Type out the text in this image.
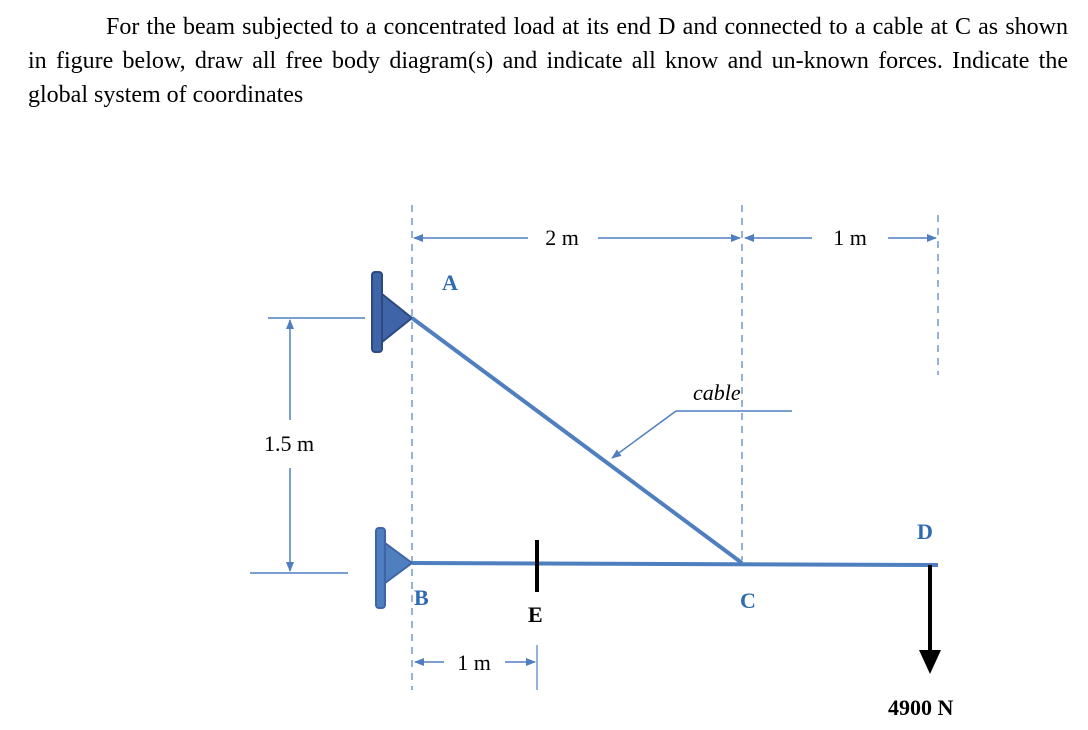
For the beam subjected to a concentrated load at its end D and connected to a cable at C as shown in figure below, draw all free body diagram(s) and indicate all know and un-known forces. Indicate the global system of coordinates

2 m	1 m
1.5 m
1 m
cable
A
B	C
D
E
4900 N
